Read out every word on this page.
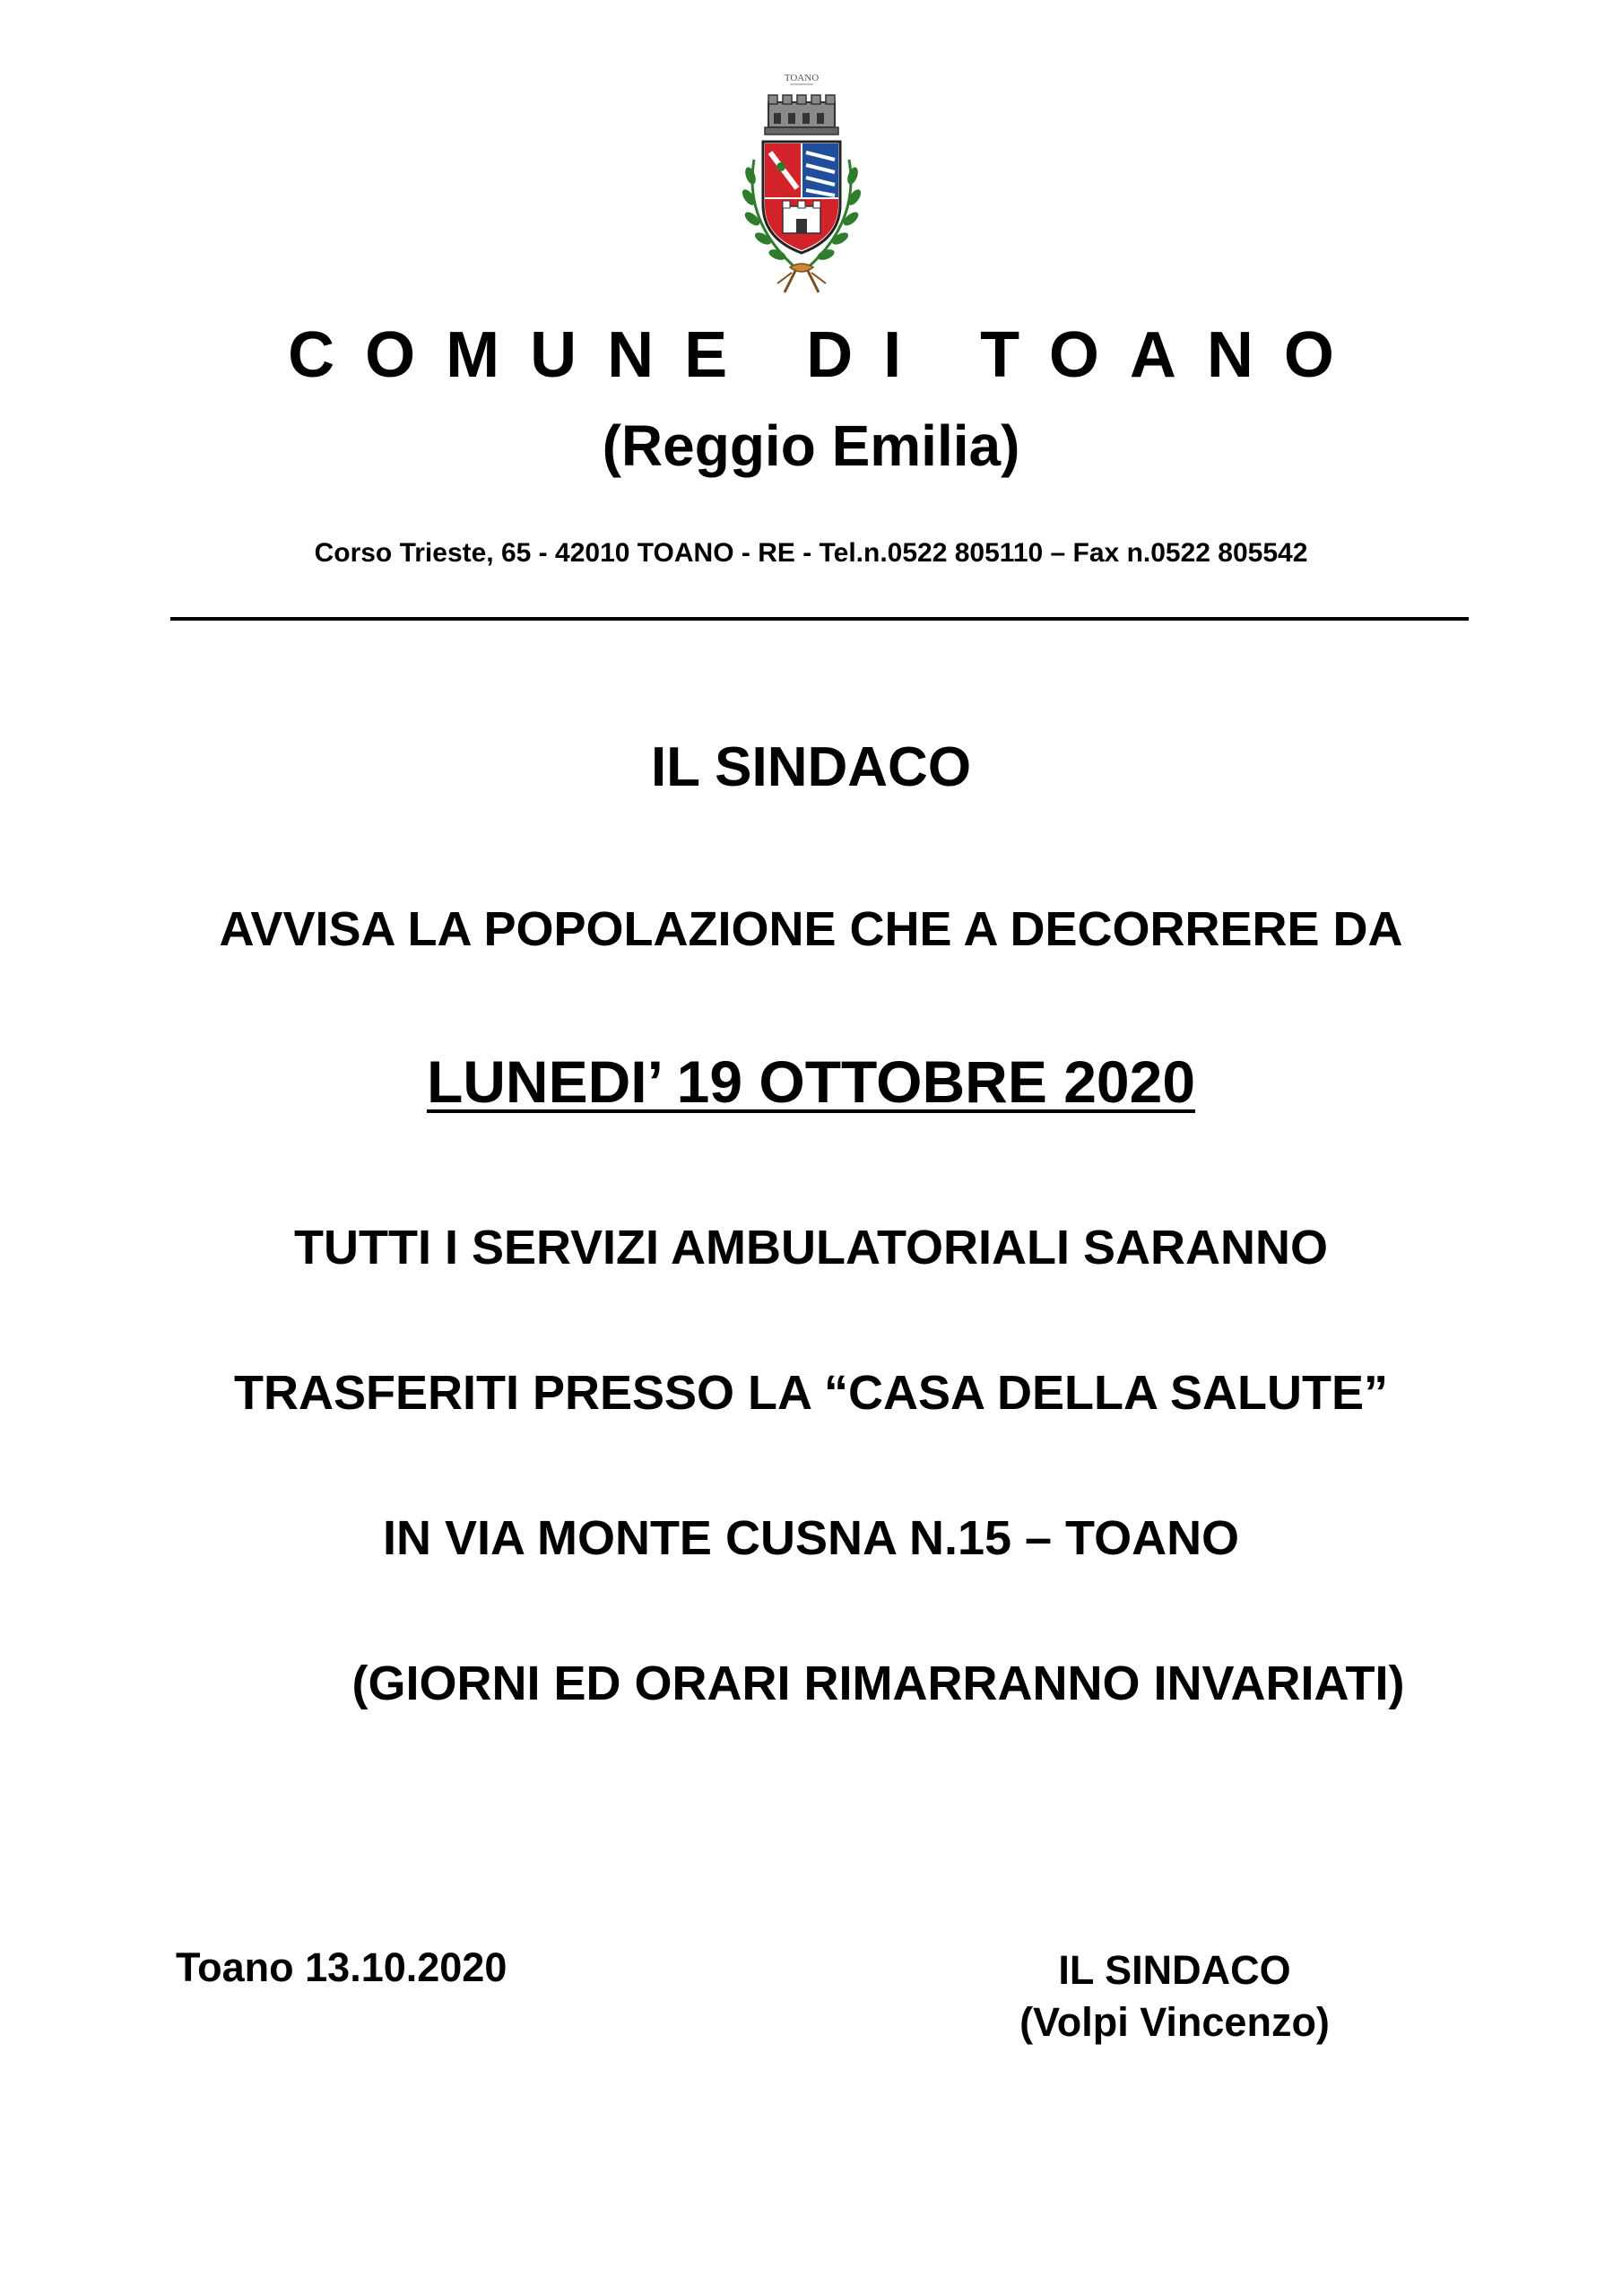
TOANO
COMUNE DI TOANO
(Reggio Emilia)
Corso Trieste, 65 - 42010 TOANO - RE - Tel.n.0522 805110 – Fax n.0522 805542
IL SINDACO
AVVISA LA POPOLAZIONE CHE A DECORRERE DA
LUNEDI’ 19 OTTOBRE 2020
TUTTI I SERVIZI AMBULATORIALI SARANNO
TRASFERITI PRESSO LA “CASA DELLA SALUTE”
IN VIA MONTE CUSNA N.15 – TOANO
(GIORNI ED ORARI RIMARRANNO INVARIATI)
Toano 13.10.2020	IL SINDACO
(Volpi Vincenzo)
